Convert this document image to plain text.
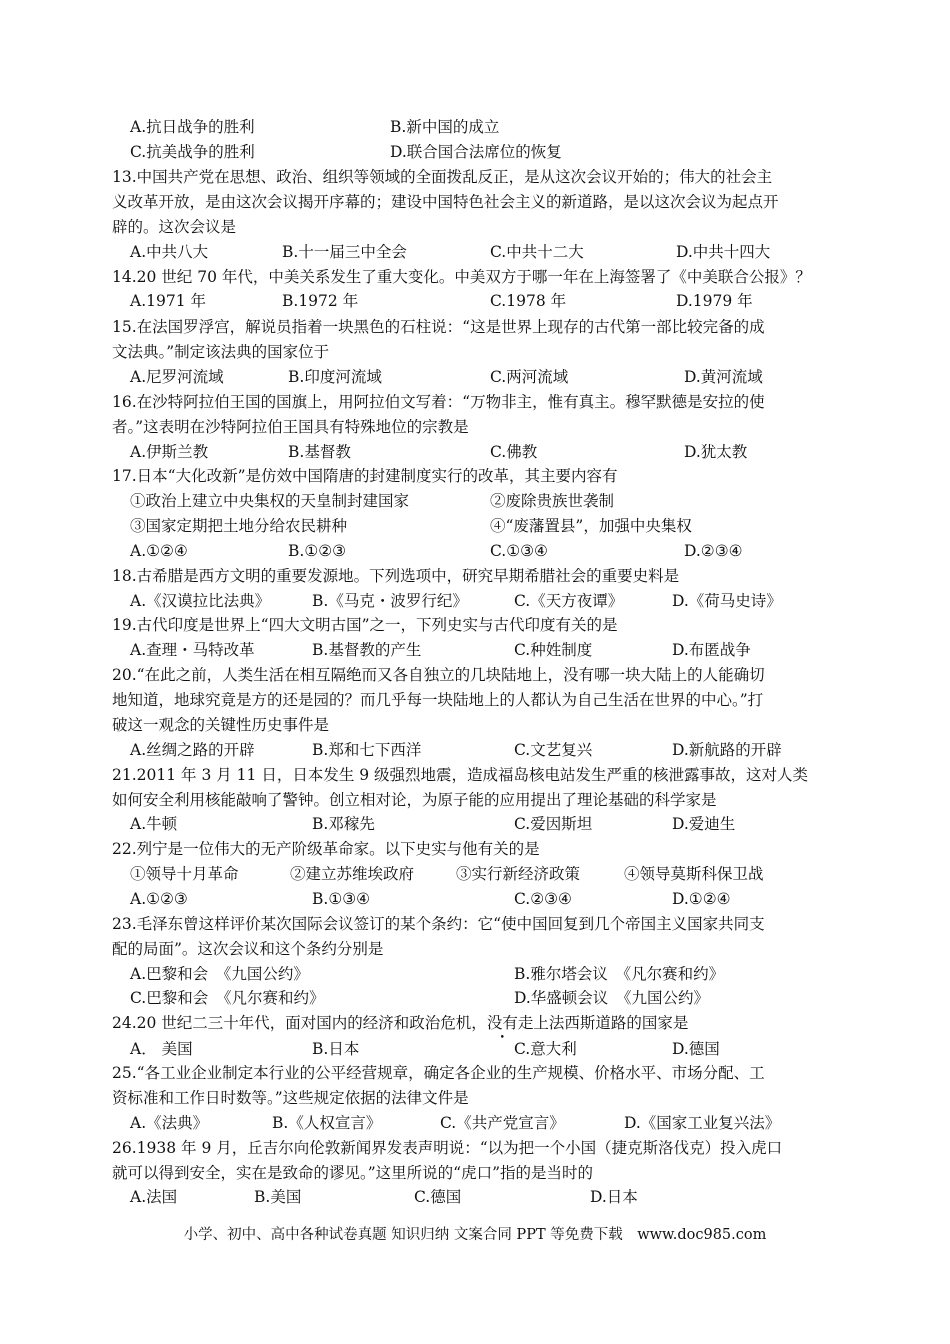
A.抗日战争的胜利	B.新中国的成立
C.抗美战争的胜利	D.联合国合法席位的恢复
13.中国共产党在思想、政治、组织等领域的全面拨乱反正，是从这次会议开始的；伟大的社会主
义改革开放，是由这次会议揭开序幕的；建设中国特色社会主义的新道路，是以这次会议为起点开
辟的。这次会议是
A.中共八大	B.十一届三中全会	C.中共十二大	D.中共十四大
14.20 世纪 70 年代，中美关系发生了重大变化。中美双方于哪一年在上海签署了《中美联合公报》？
A.1971 年	B.1972 年	C.1978 年	D.1979 年
15.在法国罗浮宫，解说员指着一块黑色的石柱说：“这是世界上现存的古代第一部比较完备的成
文法典。”制定该法典的国家位于
A.尼罗河流域	B.印度河流域	C.两河流域	D.黄河流域
16.在沙特阿拉伯王国的国旗上，用阿拉伯文写着：“万物非主，惟有真主。穆罕默德是安拉的使
者。”这表明在沙特阿拉伯王国具有特殊地位的宗教是
A.伊斯兰教	B.基督教	C.佛教	D.犹太教
17.日本“大化改新”是仿效中国隋唐的封建制度实行的改革，其主要内容有
①政治上建立中央集权的天皇制封建国家	②废除贵族世袭制
③国家定期把土地分给农民耕种	④“废藩置县”，加强中央集权
A.①②④	B.①②③	C.①③④	D.②③④
18.古希腊是西方文明的重要发源地。下列选项中，研究早期希腊社会的重要史料是
A.《汉谟拉比法典》	B.《马克・波罗行纪》	C.《天方夜谭》	D.《荷马史诗》
19.古代印度是世界上“四大文明古国”之一，下列史实与古代印度有关的是
A.查理・马特改革	B.基督教的产生	C.种姓制度	D.布匿战争
20.“在此之前，人类生活在相互隔绝而又各自独立的几块陆地上，没有哪一块大陆上的人能确切
地知道，地球究竟是方的还是园的？而几乎每一块陆地上的人都认为自己生活在世界的中心。”打
破这一观念的关键性历史事件是
A.丝绸之路的开辟	B.郑和七下西洋	C.文艺复兴	D.新航路的开辟
21.2011 年 3 月 11 日，日本发生 9 级强烈地震，造成福岛核电站发生严重的核泄露事故，这对人类
如何安全利用核能敲响了警钟。创立相对论，为原子能的应用提出了理论基础的科学家是
A.牛顿	B.邓稼先	C.爱因斯坦	D.爱迪生
22.列宁是一位伟大的无产阶级革命家。以下史实与他有关的是
①领导十月革命	②建立苏维埃政府	③实行新经济政策	④领导莫斯科保卫战
A.①②③	B.①③④	C.②③④	D.①②④
23.毛泽东曾这样评价某次国际会议签订的某个条约：它“使中国回复到几个帝国主义国家共同支
配的局面”。这次会议和这个条约分别是
A.巴黎和会　《九国公约》	B.雅尔塔会议　《凡尔赛和约》
C.巴黎和会　《凡尔赛和约》	D.华盛顿会议　《九国公约》
24.20 世纪二三十年代，面对国内的经济和政治危机，没有走上法西斯道路的国家是
A． 美国	B.日本	C.意大利	D.德国
25.“各工业企业制定本行业的公平经营规章，确定各企业的生产规模、价格水平、市场分配、工
资标准和工作日时数等。”这些规定依据的法律文件是
A.《法典》	B.《人权宣言》	C.《共产党宣言》	D.《国家工业复兴法》
26.1938 年 9 月，丘吉尔向伦敦新闻界发表声明说：“以为把一个小国（捷克斯洛伐克）投入虎口
就可以得到安全，实在是致命的谬见。”这里所说的“虎口”指的是当时的
A.法国	B.美国	C.德国	D.日本
小学、初中、高中各种试卷真题 知识归纳 文案合同 PPT 等免费下载　www.doc985.com
